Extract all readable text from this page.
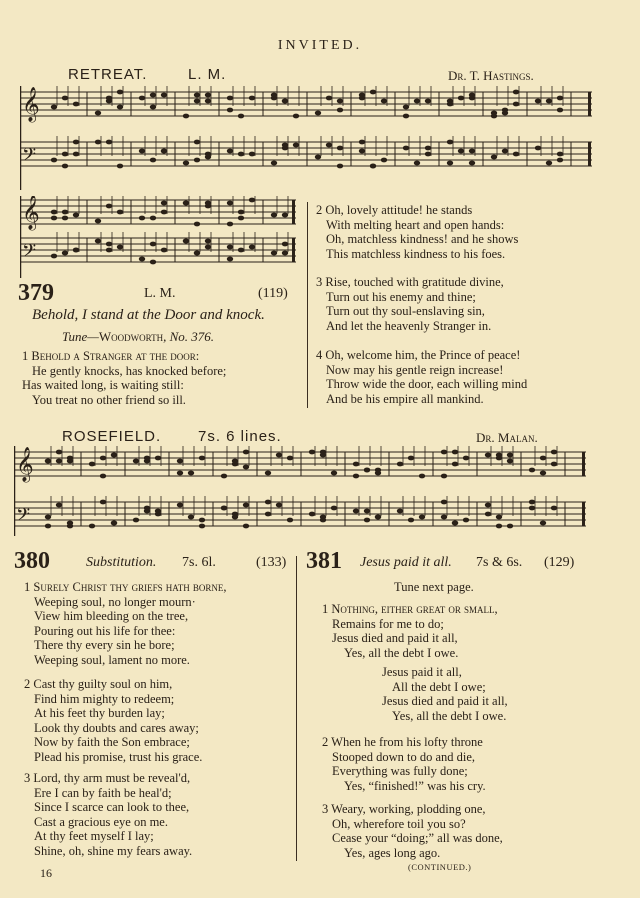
INVITED.
RETREAT.	L. M.	Dr. T. Hastings.
𝄞
𝄢
𝄞
𝄢
379	L. M.	(119)
Behold, I stand at the Door and knock.
Tune—Woodworth, No. 376.
1 Behold a Stranger at the door:
He gently knocks, has knocked before;
Has waited long, is waiting still:
You treat no other friend so ill.
2 Oh, lovely attitude! he stands
With melting heart and open hands:
Oh, matchless kindness! and he shows
This matchless kindness to his foes.
3 Rise, touched with gratitude divine,
Turn out his enemy and thine;
Turn out thy soul-enslaving sin,
And let the heavenly Stranger in.
4 Oh, welcome him, the Prince of peace!
Now may his gentle reign increase!
Throw wide the door, each willing mind
And be his empire all mankind.
ROSEFIELD. 7s. 6 lines.	Dr. Malan.
𝄞
𝄢
380	Substitution. 7s. 6l.	(133)
1 Surely Christ thy griefs hath borne,
Weeping soul, no longer mourn·
View him bleeding on the tree,
Pouring out his life for thee:
There thy every sin he bore;
Weeping soul, lament no more.
2 Cast thy guilty soul on him,
Find him mighty to redeem;
At his feet thy burden lay;
Look thy doubts and cares away;
Now by faith the Son embrace;
Plead his promise, trust his grace.
3 Lord, thy arm must be reveal'd,
Ere I can by faith be heal'd;
Since I scarce can look to thee,
Cast a gracious eye on me.
At thy feet myself I lay;
Shine, oh, shine my fears away.
381 Jesus paid it all. 7s & 6s. (129)
Tune next page.
1 Nothing, either great or small,
Remains for me to do;
Jesus died and paid it all,
Yes, all the debt I owe.
Jesus paid it all,
All the debt I owe;
Jesus died and paid it all,
Yes, all the debt I owe.
2 When he from his lofty throne
Stooped down to do and die,
Everything was fully done;
Yes, “finished!” was his cry.
3 Weary, working, plodding one,
Oh, wherefore toil you so?
Cease your “doing;” all was done,
Yes, ages long ago.
(CONTINUED.)
16
